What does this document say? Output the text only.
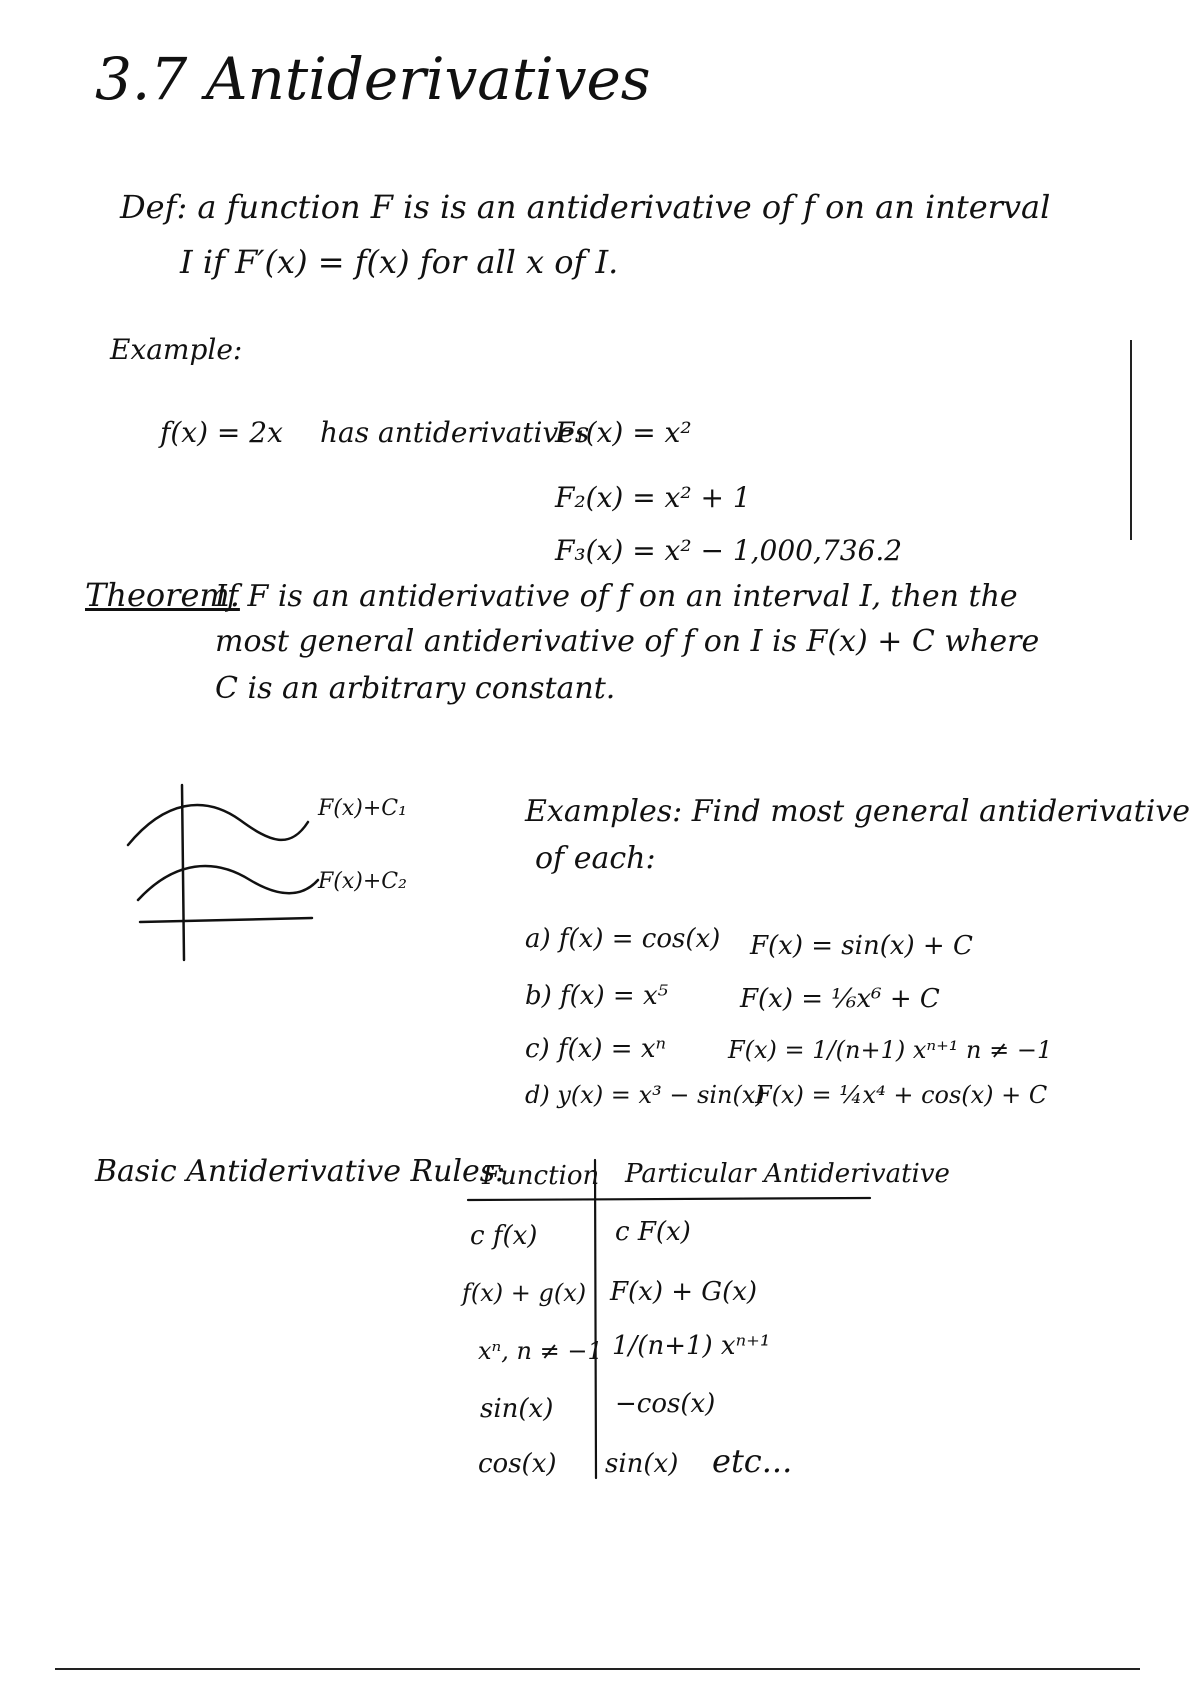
3.7 Antiderivatives
Def: a function F is is an antiderivative of f on an interval
I if F′(x) = f(x) for all x of I.
Example:
f(x) = 2x has antiderivatives
F₁(x) = x²
F₂(x) = x² + 1
F₃(x) = x² − 1,000,736.2
Theorem.
If F is an antiderivative of f on an interval I, then the
most general antiderivative of f on I is F(x) + C where
C is an arbitrary constant.
F(x)+C₁
F(x)+C₂
Examples: Find most general antiderivative
of each:
a) f(x) = cos(x) F(x) = sin(x) + C
b) f(x) = x⁵	F(x) = ⅙x⁶ + C
c) f(x) = xⁿ	F(x) = 1/(n+1) xⁿ⁺¹ n ≠ −1
d) y(x) = x³ − sin(x)
F(x) = ¼x⁴ + cos(x) + C
Basic Antiderivative Rules:
Function Particular Antiderivative
c f(x)	c F(x)
f(x) + g(x) F(x) + G(x)
xⁿ, n ≠ −1 1/(n+1) xⁿ⁺¹
sin(x) −cos(x)
cos(x) sin(x) etc...
